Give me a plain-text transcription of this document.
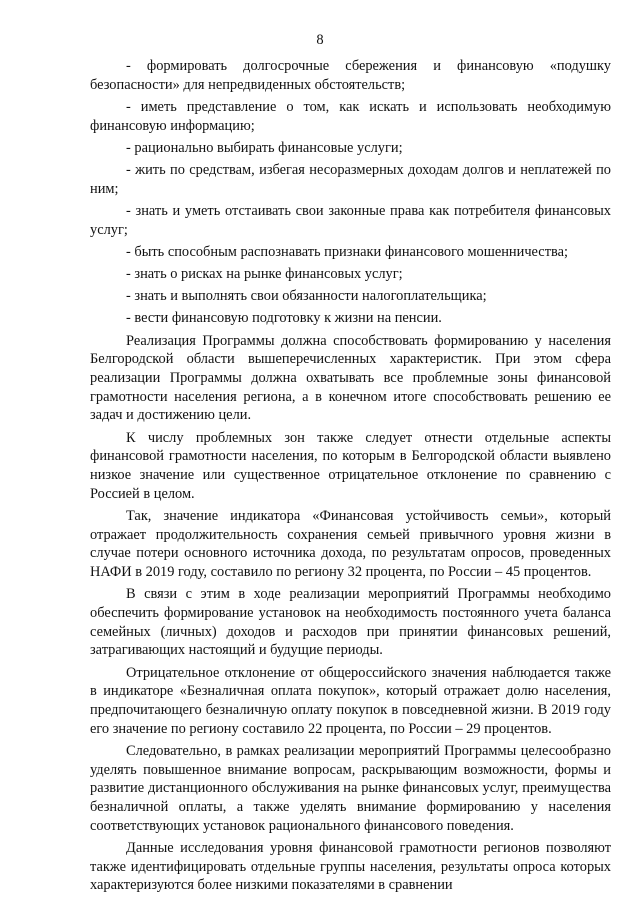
8

- формировать долгосрочные сбережения и финансовую «подушку безопасности» для непредвиденных обстоятельств;

- иметь представление о том, как искать и использовать необходимую финансовую информацию;

- рационально выбирать финансовые услуги;

- жить по средствам, избегая несоразмерных доходам долгов и неплатежей по ним;

- знать и уметь отстаивать свои законные права как потребителя финансовых услуг;

- быть способным распознавать признаки финансового мошенничества;

- знать о рисках на рынке финансовых услуг;

- знать и выполнять свои обязанности налогоплательщика;

- вести финансовую подготовку к жизни на пенсии.

Реализация Программы должна способствовать формированию у населения Белгородской области вышеперечисленных характеристик. При этом сфера реализации Программы должна охватывать все проблемные зоны финансовой грамотности населения региона, а в конечном итоге способствовать решению ее задач и достижению цели.

К числу проблемных зон также следует отнести отдельные аспекты финансовой грамотности населения, по которым в Белгородской области выявлено низкое значение или существенное отрицательное отклонение по сравнению с Россией в целом.

Так, значение индикатора «Финансовая устойчивость семьи», который отражает продолжительность сохранения семьей привычного уровня жизни в случае потери основного источника дохода, по результатам опросов, проведенных НАФИ в 2019 году, составило по региону 32 процента, по России – 45 процентов.

В связи с этим в ходе реализации мероприятий Программы необходимо обеспечить формирование установок на необходимость постоянного учета баланса семейных (личных) доходов и расходов при принятии финансовых решений, затрагивающих настоящий и будущие периоды.

Отрицательное отклонение от общероссийского значения наблюдается также в индикаторе «Безналичная оплата покупок», который отражает долю населения, предпочитающего безналичную оплату покупок в повседневной жизни. В 2019 году его значение по региону составило 22 процента, по России – 29 процентов.

Следовательно, в рамках реализации мероприятий Программы целесообразно уделять повышенное внимание вопросам, раскрывающим возможности, формы и развитие дистанционного обслуживания на рынке финансовых услуг, преимущества безналичной оплаты, а также уделять внимание формированию у населения соответствующих установок рационального финансового поведения.

Данные исследования уровня финансовой грамотности регионов позволяют также идентифицировать отдельные группы населения, результаты опроса которых характеризуются более низкими показателями в сравнении
